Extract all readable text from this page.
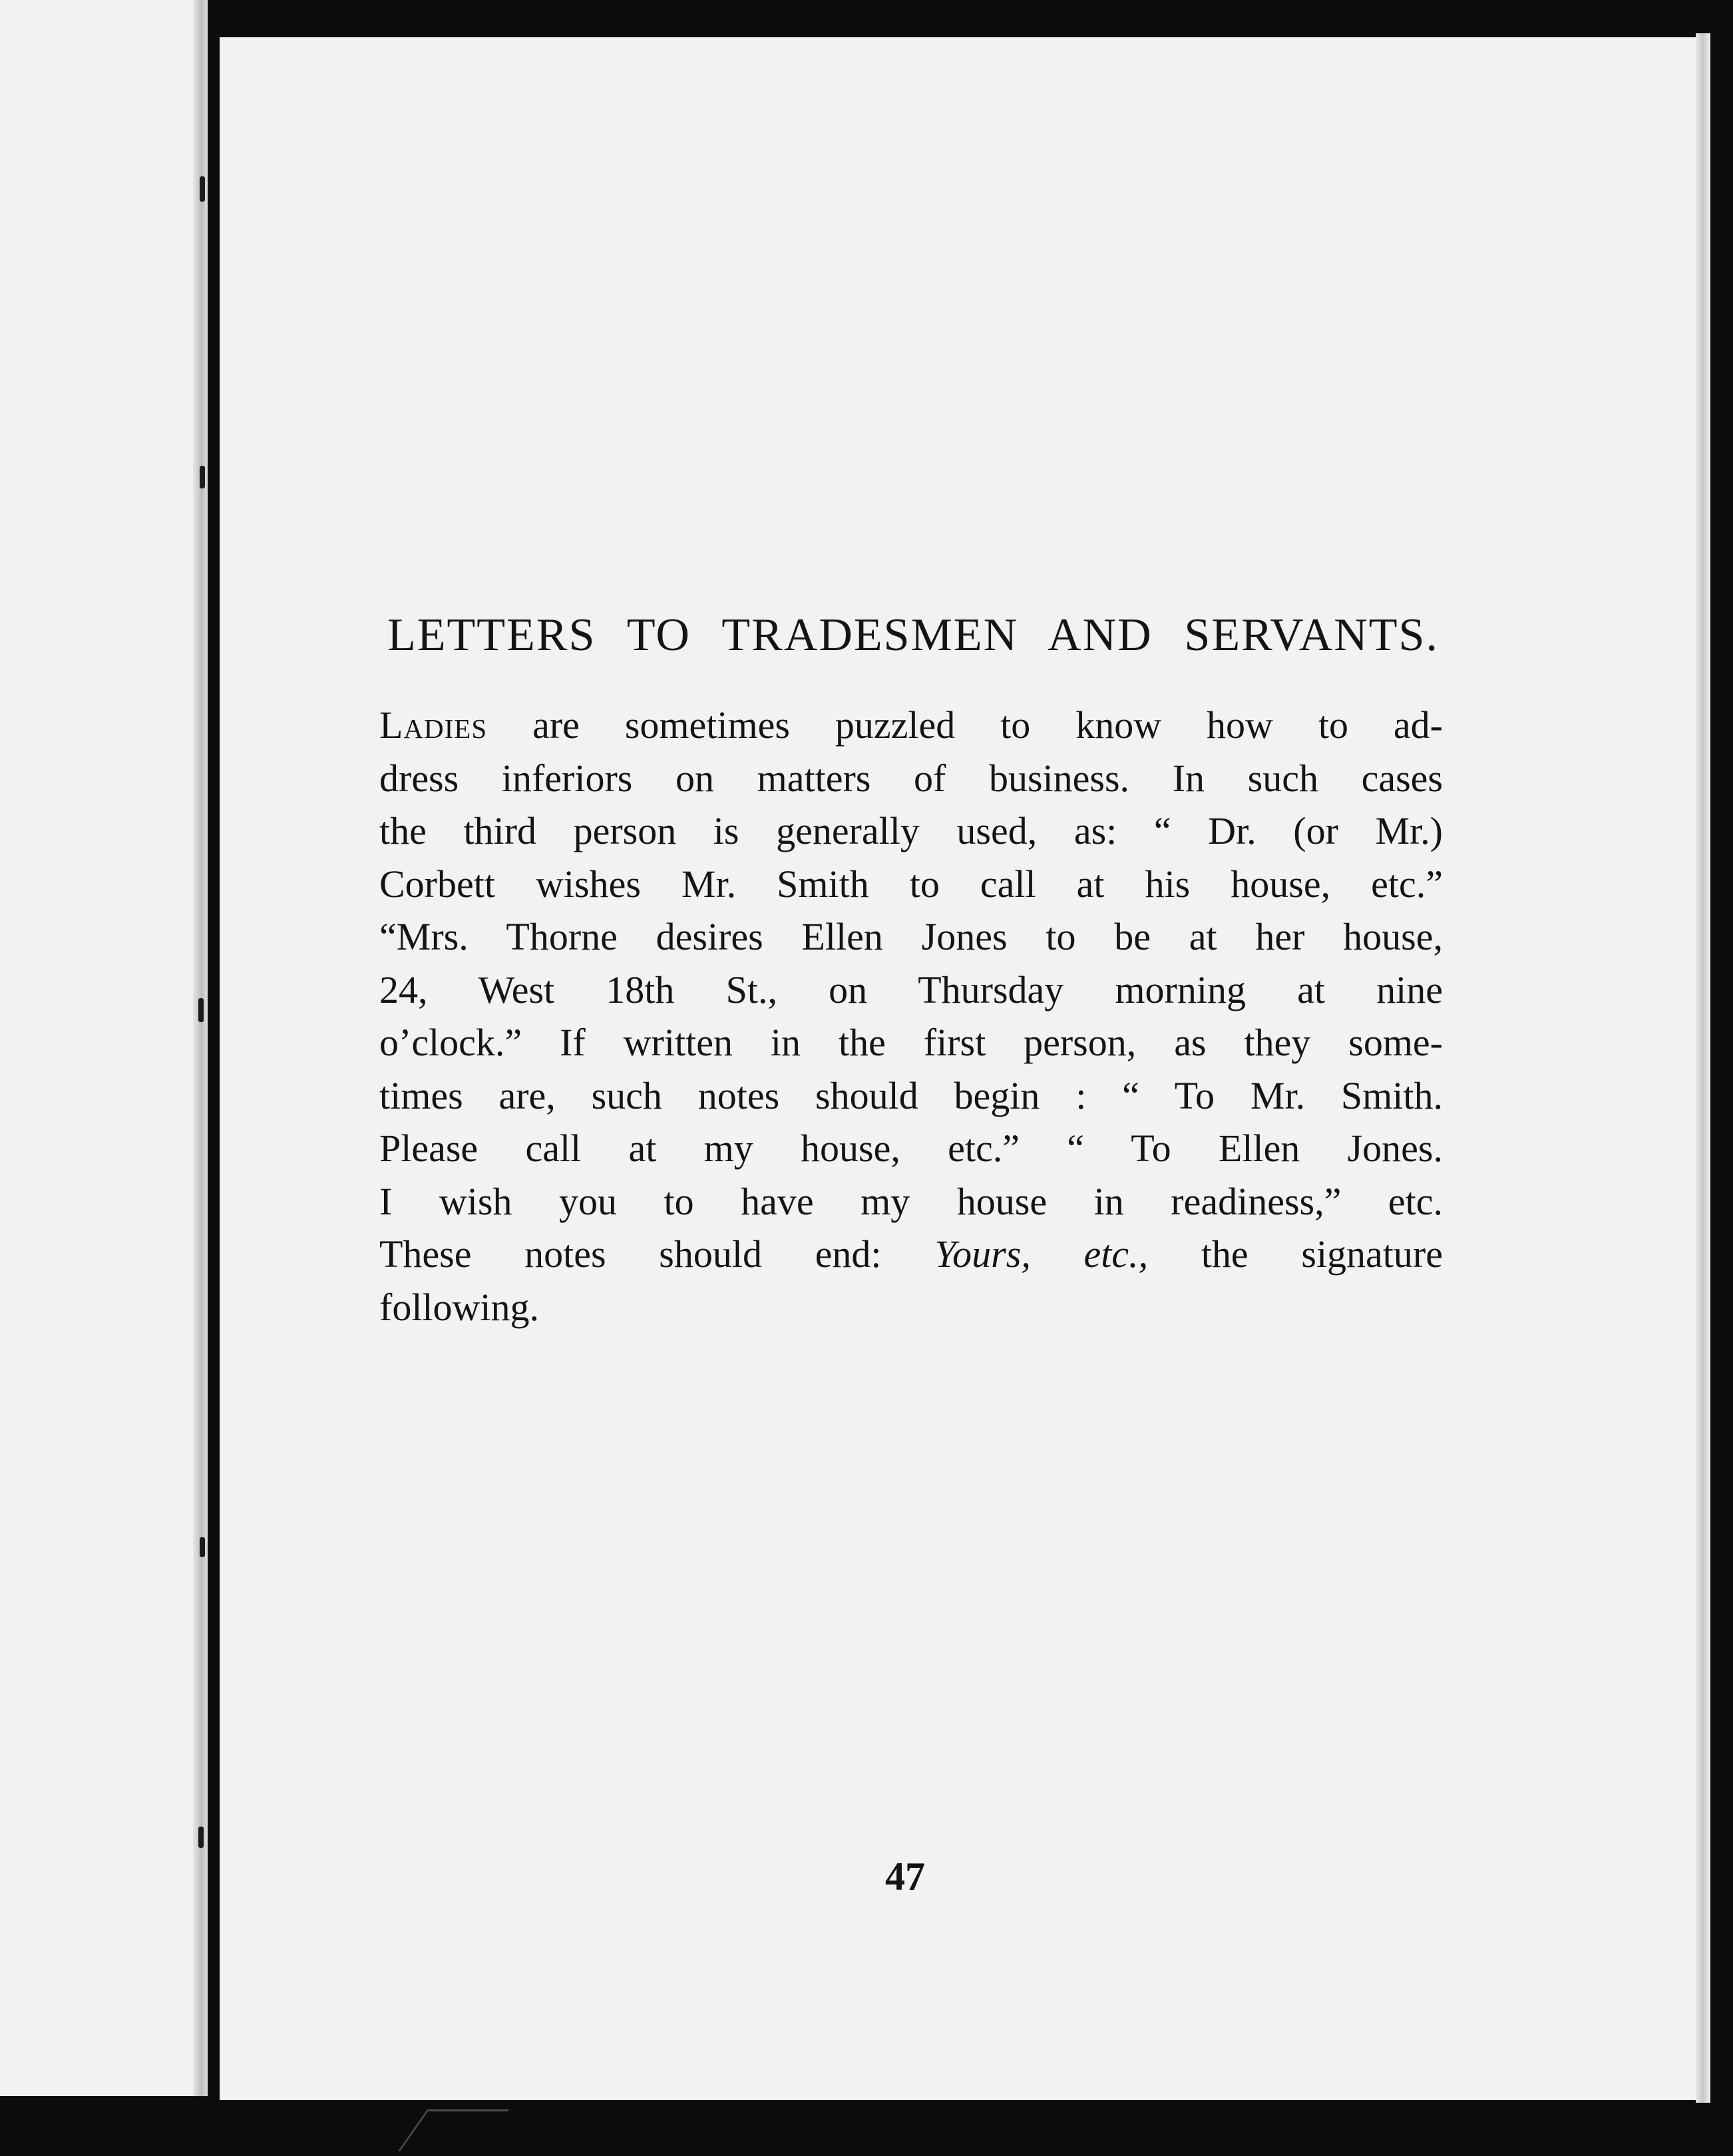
LETTERS TO TRADESMEN AND SERVANTS.
Ladies are sometimes puzzled to know how to ad-
dress inferiors on matters of business. In such cases
the third person is generally used, as: “ Dr. (or Mr.)
Corbett wishes Mr. Smith to call at his house, etc.”
“Mrs. Thorne desires Ellen Jones to be at her house,
24, West 18th St., on Thursday morning at nine
o’clock.” If written in the first person, as they some-
times are, such notes should begin : “ To Mr. Smith.
Please call at my house, etc.” “ To Ellen Jones.
I wish you to have my house in readiness,” etc.
These notes should end: Yours, etc., the signature
following.
47
